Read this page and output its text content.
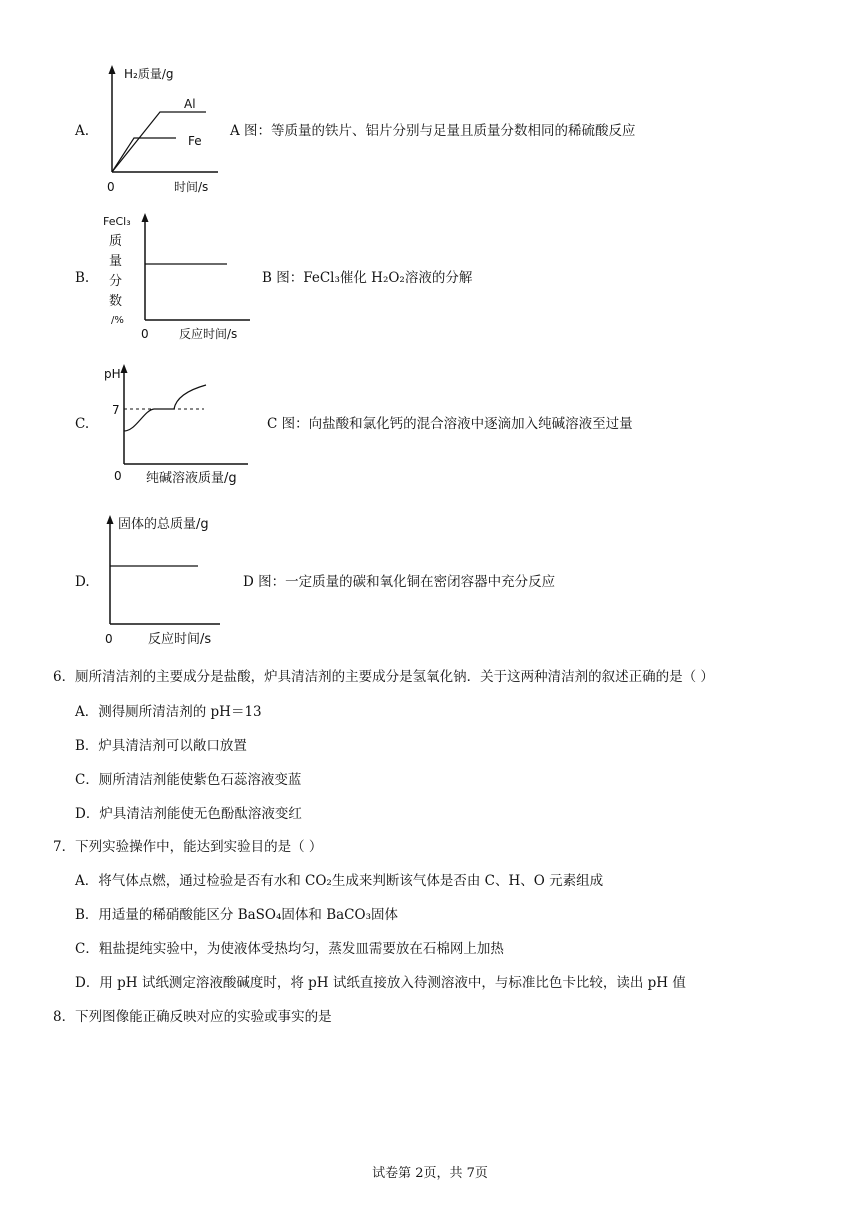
A.
H₂质量/g
Al
Fe
0	时间/s
A 图：等质量的铁片、铝片分别与足量且质量分数相同的稀硫酸反应
B.
FeCl₃
质
量
分
数
/%
0	反应时间/s
B 图：FeCl₃催化 H₂O₂溶液的分解
C.
pH
7
0 纯碱溶液质量/g
C 图：向盐酸和氯化钙的混合溶液中逐滴加入纯碱溶液至过量
D.
固体的总质量/g
0	反应时间/s
D 图：一定质量的碳和氧化铜在密闭容器中充分反应
6．厕所清洁剂的主要成分是盐酸，炉具清洁剂的主要成分是氢氧化钠．关于这两种清洁剂的叙述正确的是（ ）
A．测得厕所清洁剂的 pH＝13
B．炉具清洁剂可以敞口放置
C．厕所清洁剂能使紫色石蕊溶液变蓝
D．炉具清洁剂能使无色酚酞溶液变红
7．下列实验操作中，能达到实验目的是（ ）
A．将气体点燃，通过检验是否有水和 CO₂生成来判断该气体是否由 C、H、O 元素组成
B．用适量的稀硝酸能区分 BaSO₄固体和 BaCO₃固体
C．粗盐提纯实验中，为使液体受热均匀，蒸发皿需要放在石棉网上加热
D．用 pH 试纸测定溶液酸碱度时，将 pH 试纸直接放入待测溶液中，与标准比色卡比较，读出 pH 值
8．下列图像能正确反映对应的实验或事实的是
试卷第 2页，共 7页
